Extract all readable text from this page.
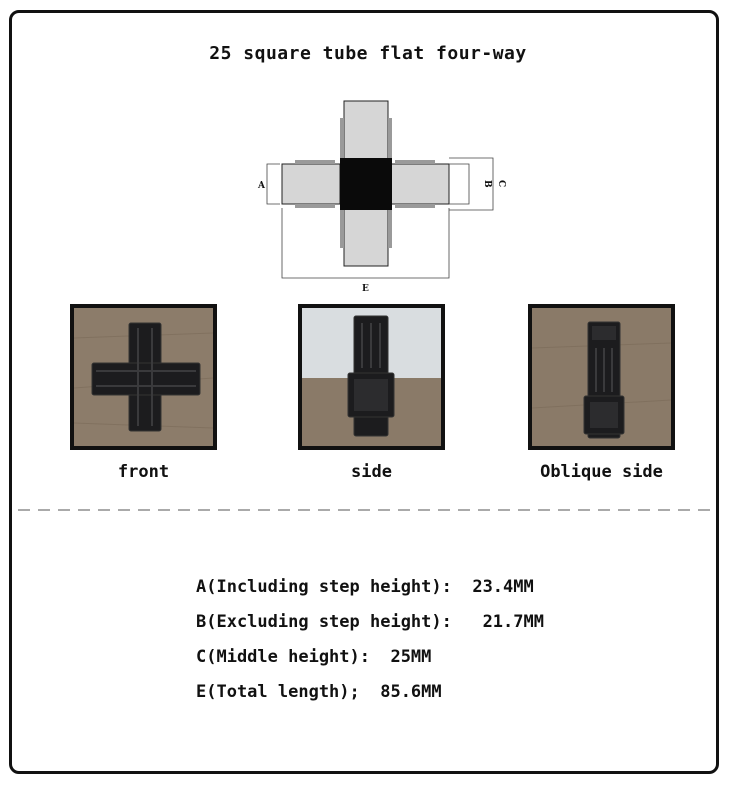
25 square tube flat four-way
A	B C
E
front	side	Oblique side
A(Including step height):  23.4MM
B(Excluding step height):   21.7MM
C(Middle height):  25MM
E(Total length);  85.6MM
